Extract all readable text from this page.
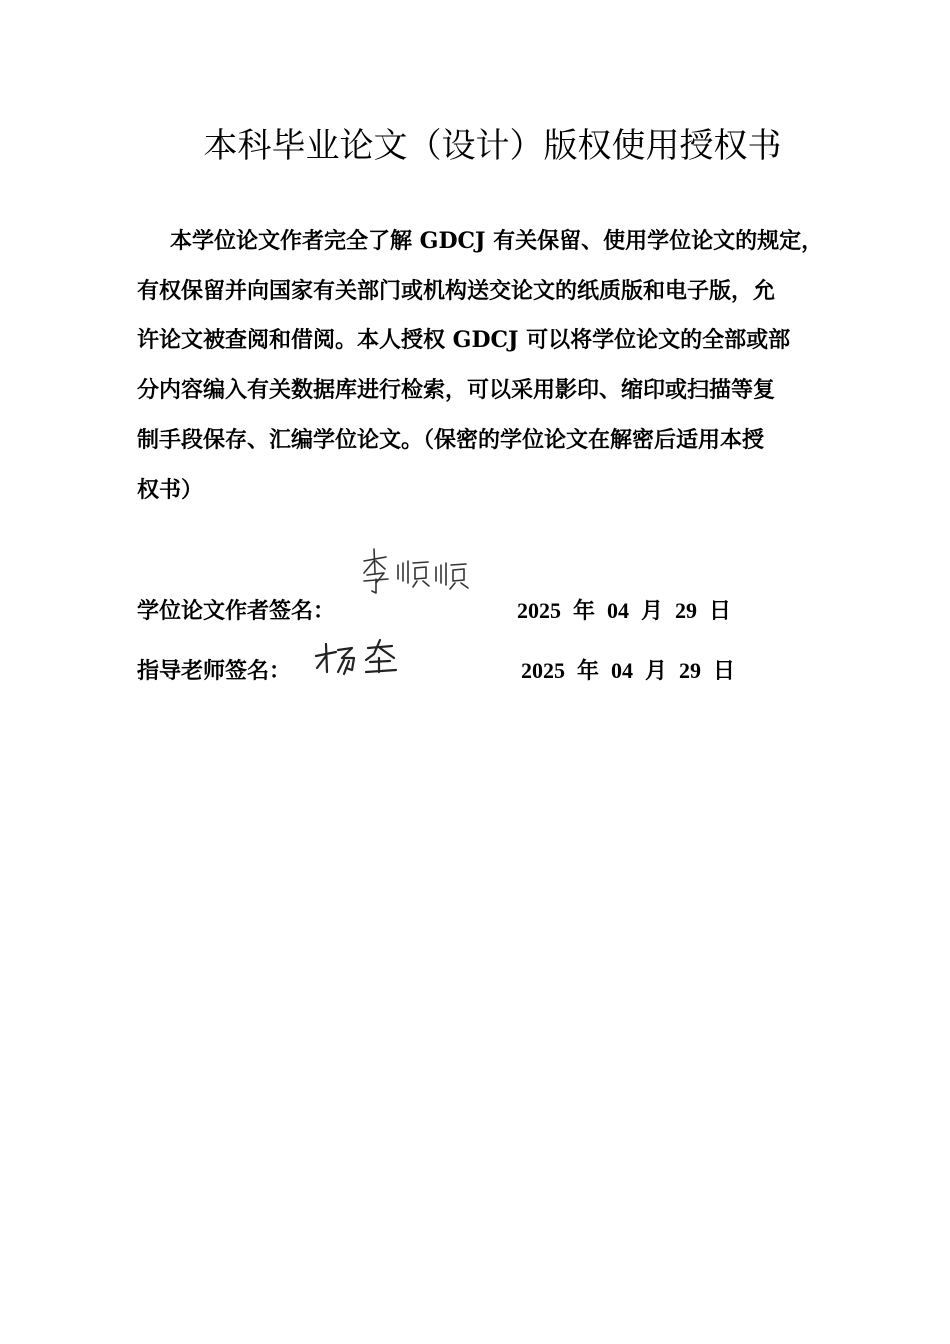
本科毕业论文（设计）版权使用授权书

本学位论文作者完全了解 GDCJ 有关保留、使用学位论文的规定，

有权保留并向国家有关部门或机构送交论文的纸质版和电子版，允

许论文被查阅和借阅。本人授权 GDCJ 可以将学位论文的全部或部

分内容编入有关数据库进行检索，可以采用影印、缩印或扫描等复

制手段保存、汇编学位论文。（保密的学位论文在解密后适用本授

权书）

学位论文作者签名：	2025 年 04 月 29 日
指导老师签名：	2025 年 04 月 29 日
